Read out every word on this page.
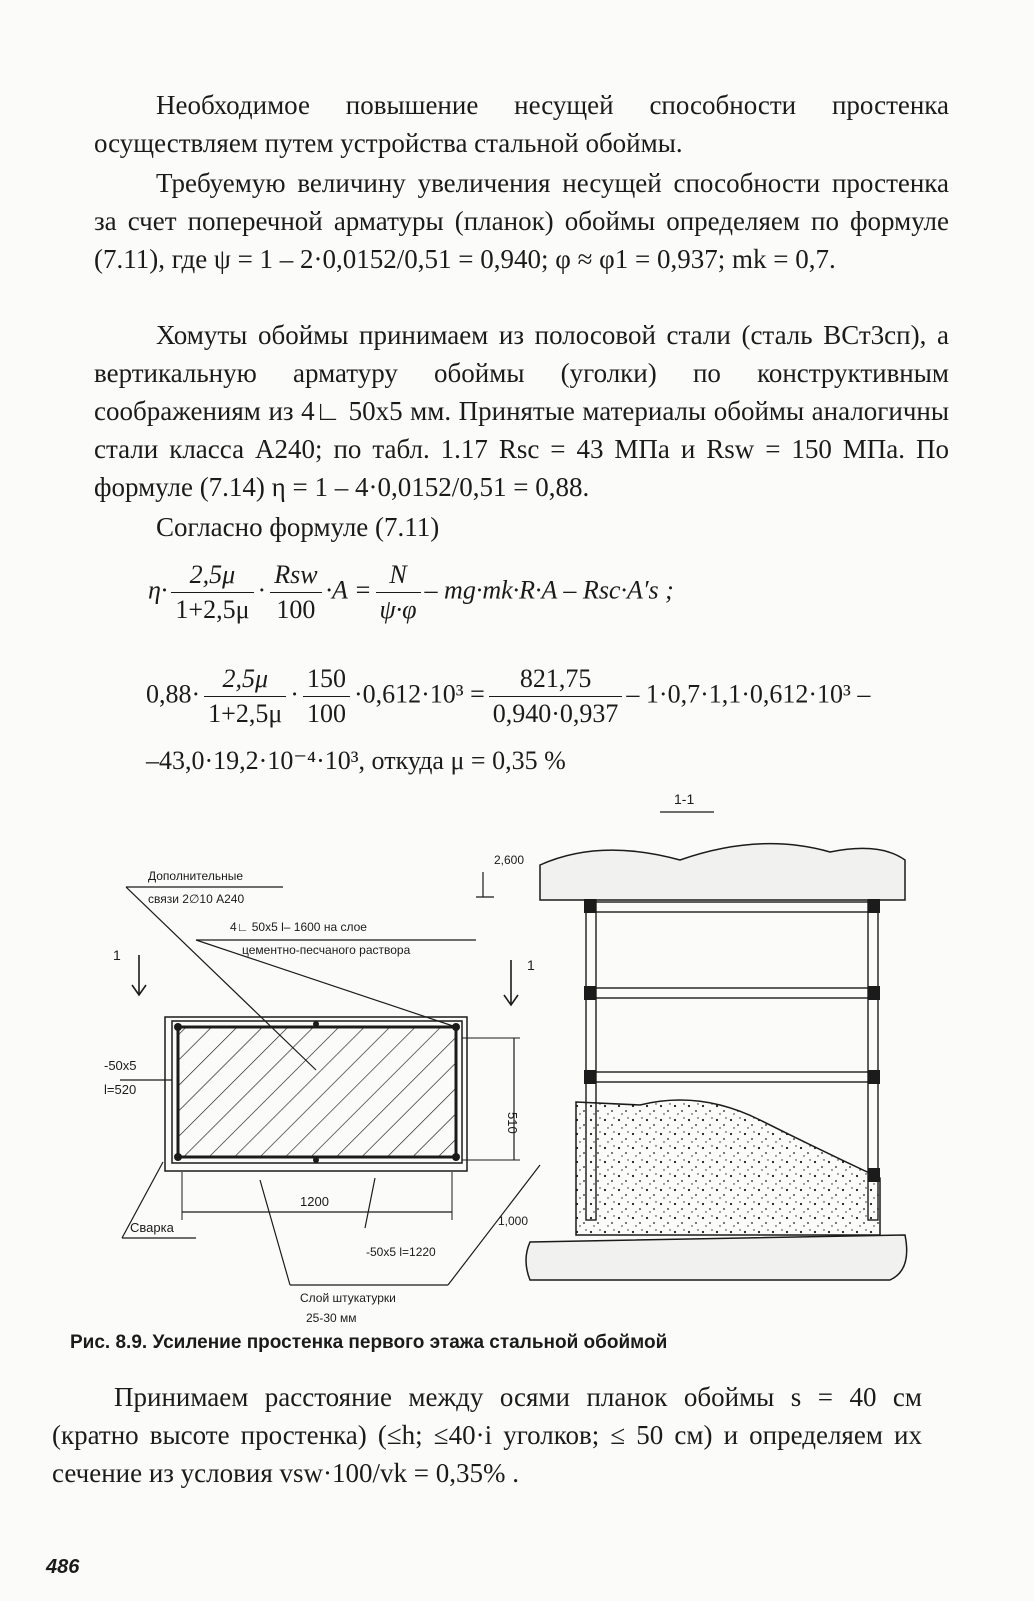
Необходимое повышение несущей способности простенка осуществляем путем устройства стальной обоймы.
Требуемую величину увеличения несущей способности простенка за счет поперечной арматуры (планок) обоймы определяем по формуле (7.11), где ψ = 1 – 2·0,0152/0,51 = 0,940; φ ≈ φ1 = 0,937; mk = 0,7.
Хомуты обоймы принимаем из полосовой стали (сталь ВСт3сп), а вертикальную арматуру обоймы (уголки) по конструктивным соображениям из 4∟ 50х5 мм. Принятые материалы обоймы аналогичны стали класса А240; по табл. 1.17 Rsc = 43 МПа и Rsw = 150 МПа. По формуле (7.14) η = 1 – 4·0,0152/0,51 = 0,88.
Согласно формуле (7.11)
$\eta\cdot \frac{2,5\mu}{1+2,5\mu} \cdot \frac{\text{Rsw}}{100} \cdot A = \frac{N}{\psi\cdot\varphi} - mg\cdot mk\cdot R\cdot A - Rsc\cdot A's$ ;
$0,88\cdot \frac{2,5\mu}{1+2,5\mu} \cdot \frac{150}{100} \cdot 0,612\cdot 10^3 = \frac{821,75}{0,940\cdot 0,937} - 1\cdot 0,7\cdot 1,1\cdot 0,612\cdot 10^3$ –
–43,0·19,2·10⁻⁴·10³, откуда μ = 0,35 %
Дополнительные
связи 2∅10 А240
4∟ 50х5 l– 1600 на слое
цементно-песчаного раствора
1
1
-50х5
l=520
510
1200
Сварка	1,000
-50х5 l=1220
Слой штукатурки
25-30 мм
1-1
2,600
Рис. 8.9. Усиление простенка первого этажа стальной обоймой
Принимаем расстояние между осями планок обоймы s = 40 см (кратно высоте простенка) (≤h; ≤40·i уголков; ≤ 50 см) и определяем их сечение из условия vsw·100/vk = 0,35% .
486
